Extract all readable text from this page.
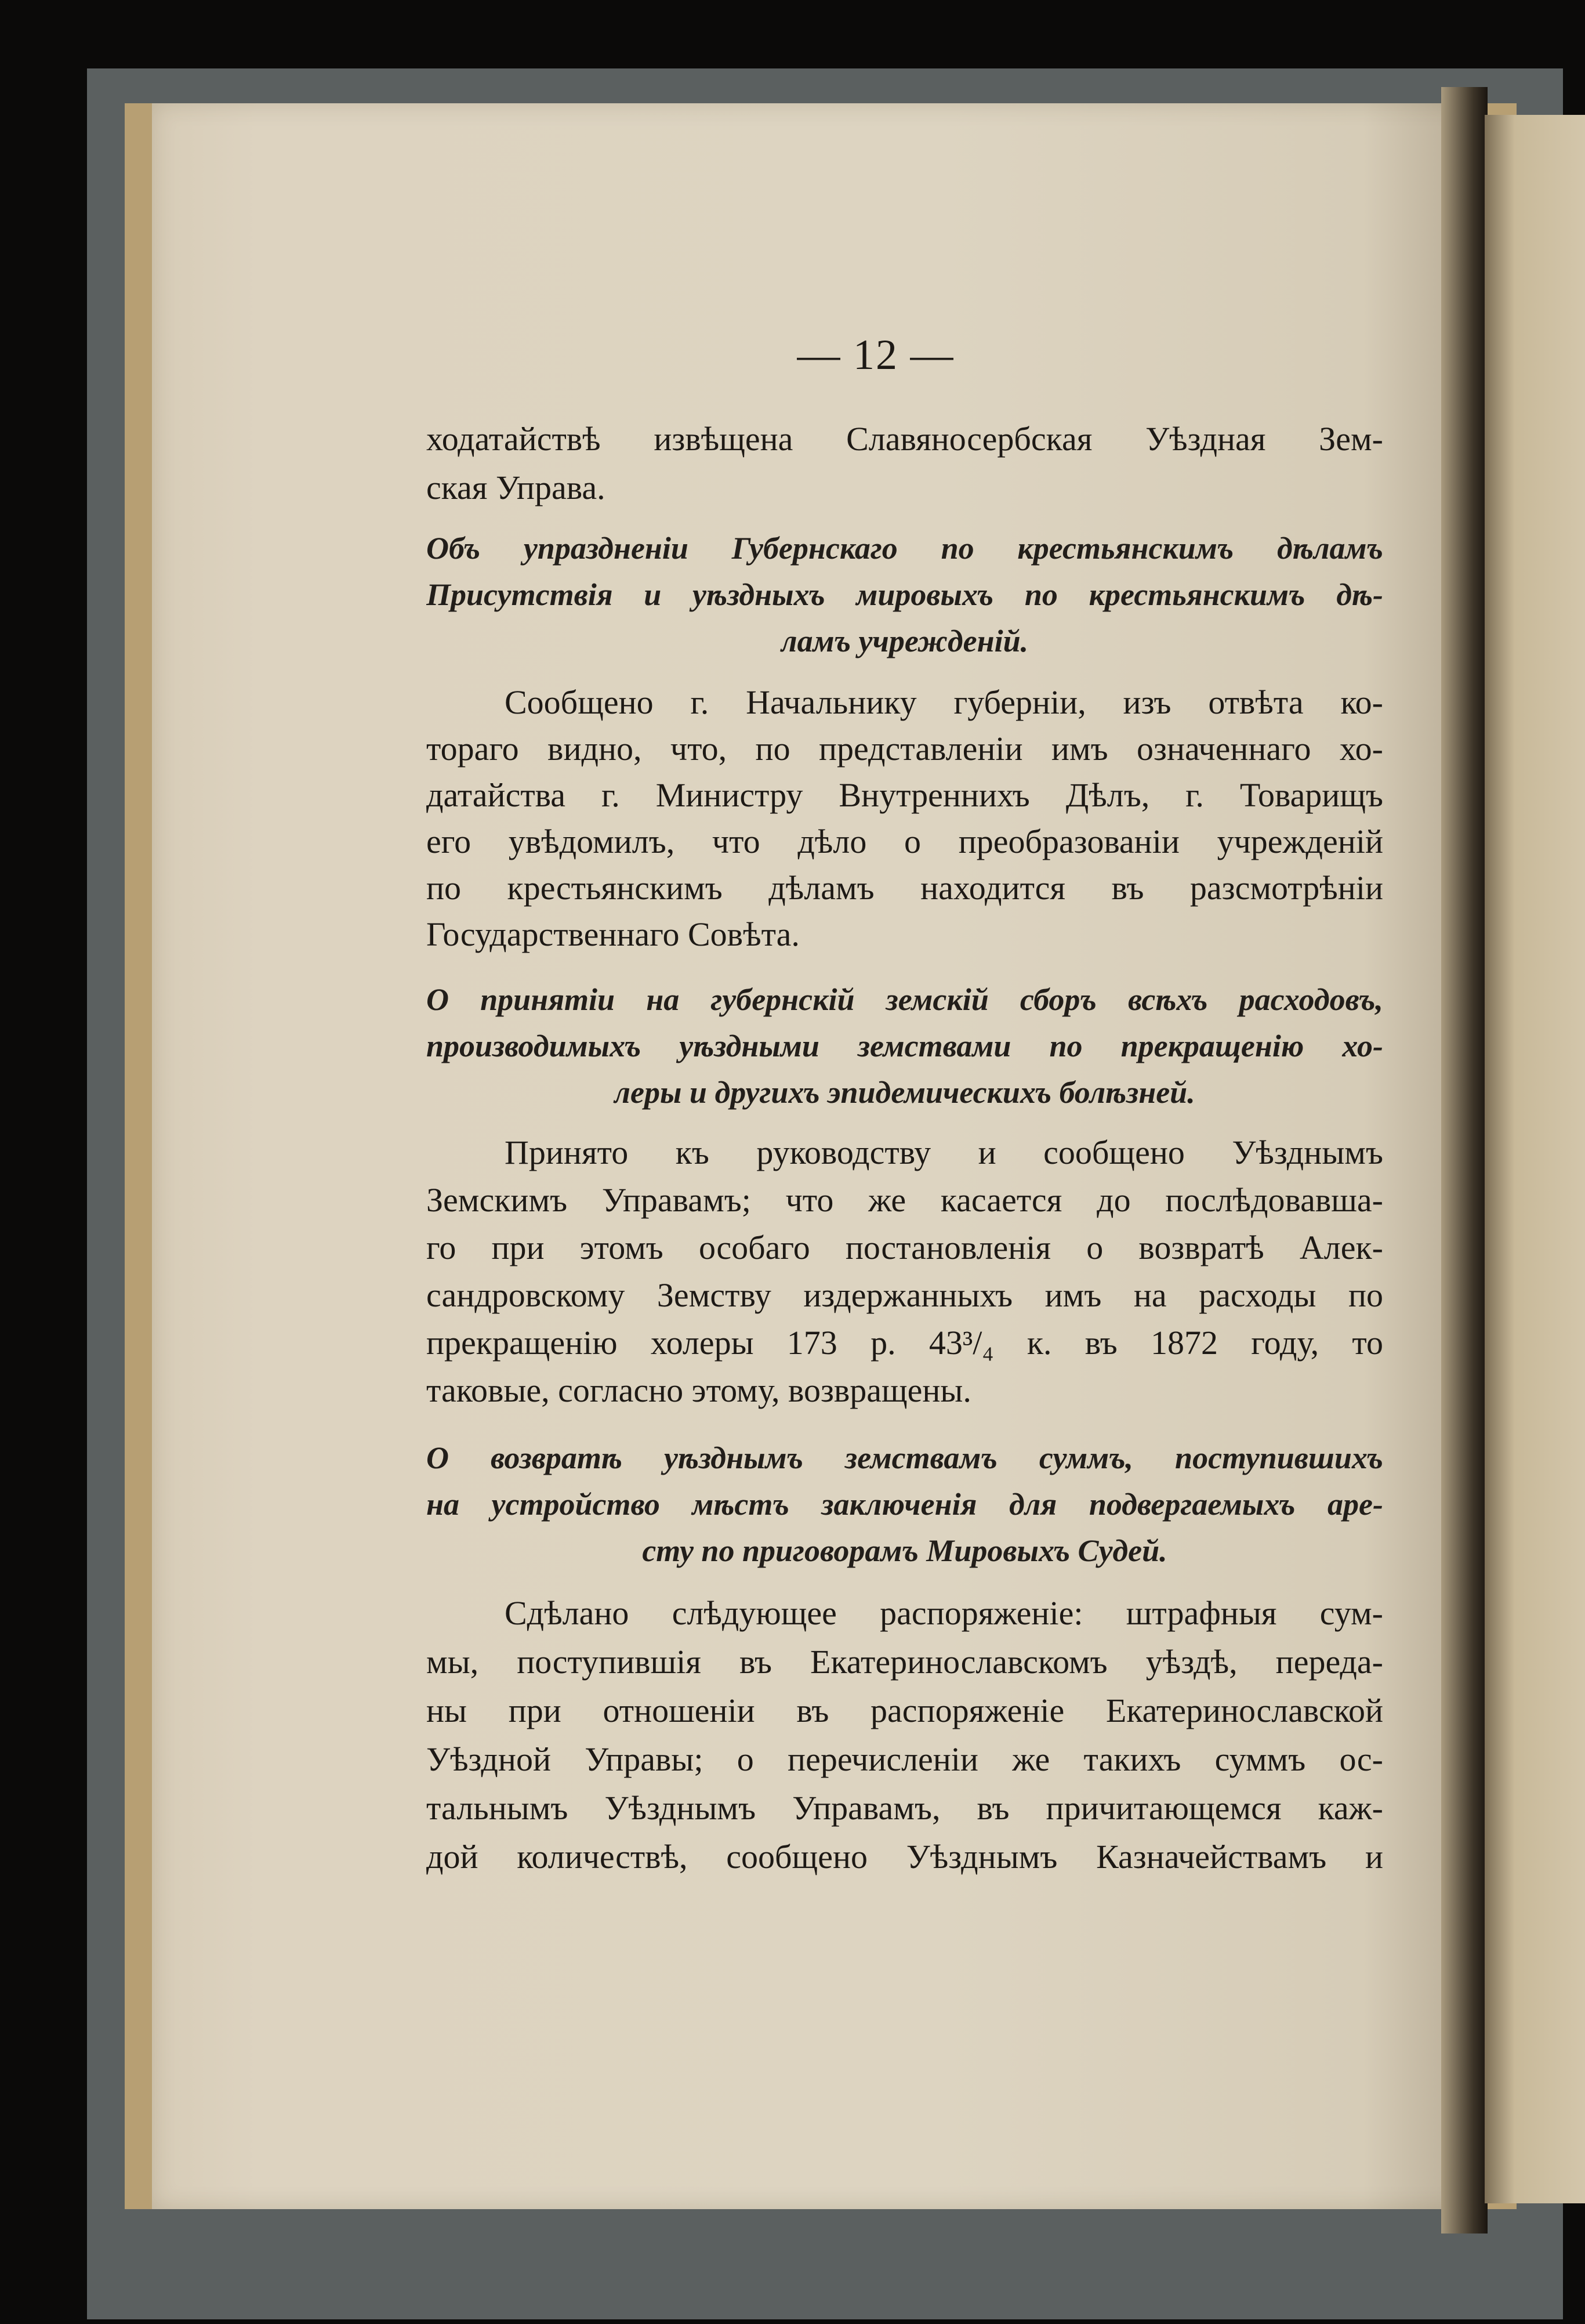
— 12 —
ходатайствѣ извѣщена Славяносербская Уѣздная Зем-
ская Управа.
Объ упраздненіи Губернскаго по крестьянскимъ дѣламъ
Присутствія и уѣздныхъ мировыхъ по крестьянскимъ дѣ-
ламъ учрежденій.
Сообщено г. Начальнику губерніи, изъ отвѣта ко-
тораго видно, что, по представленіи имъ означеннаго хо-
датайства г. Министру Внутреннихъ Дѣлъ, г. Товарищъ
его увѣдомилъ, что дѣло о преобразованіи учрежденій
по крестьянскимъ дѣламъ находится въ разсмотрѣніи
Государственнаго Совѣта.
О принятіи на губернскій земскій сборъ всѣхъ расходовъ,
производимыхъ уѣздными земствами по прекращенію хо-
леры и другихъ эпидемическихъ болѣзней.
Принято къ руководству и сообщено Уѣзднымъ
Земскимъ Управамъ; что же касается до послѣдовавша-
го при этомъ особаго постановленія о возвратѣ Алек-
сандровскому Земству издержанныхъ имъ на расходы по
прекращенію холеры 173 р. 43³/₄ к. въ 1872 году, то
таковые, согласно этому, возвращены.
О возвратѣ уѣзднымъ земствамъ суммъ, поступившихъ
на устройство мѣстъ заключенія для подвергаемыхъ аре-
сту по приговорамъ Мировыхъ Судей.
Сдѣлано слѣдующее распоряженіе: штрафныя сум-
мы, поступившія въ Екатеринославскомъ уѣздѣ, переда-
ны при отношеніи въ распоряженіе Екатеринославской
Уѣздной Управы; о перечисленіи же такихъ суммъ ос-
тальнымъ Уѣзднымъ Управамъ, въ причитающемся каж-
дой количествѣ, сообщено Уѣзднымъ Казначействамъ и
